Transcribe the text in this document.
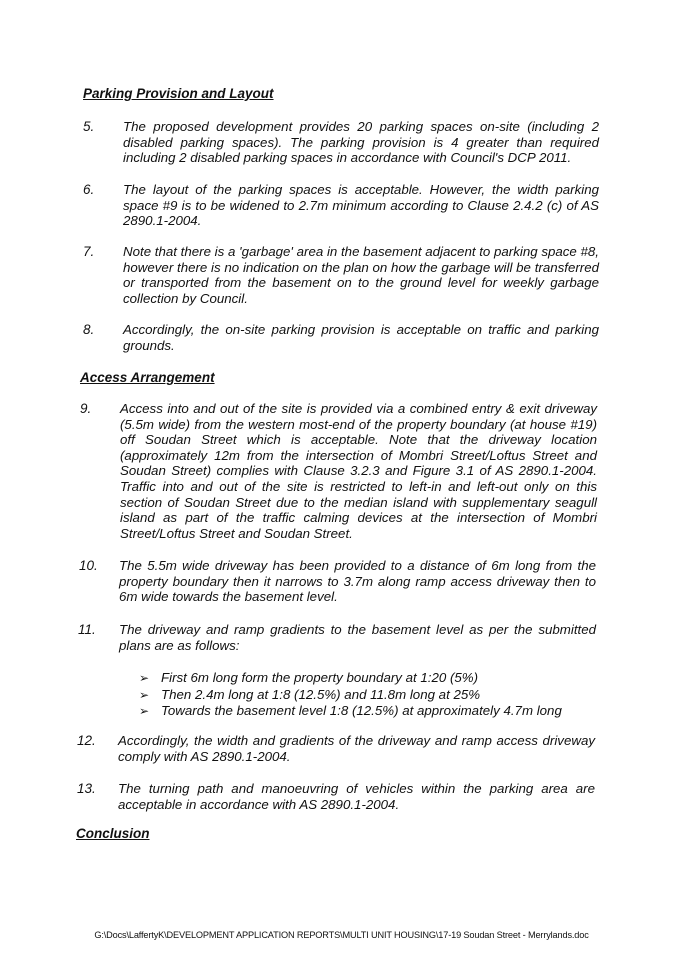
Parking Provision and Layout
5. The proposed development provides 20 parking spaces on-site (including 2 disabled parking spaces). The parking provision is 4 greater than required including 2 disabled parking spaces in accordance with Council's DCP 2011.
6. The layout of the parking spaces is acceptable. However, the width parking space #9 is to be widened to 2.7m minimum according to Clause 2.4.2 (c) of AS 2890.1-2004.
7. Note that there is a 'garbage' area in the basement adjacent to parking space #8, however there is no indication on the plan on how the garbage will be transferred or transported from the basement on to the ground level for weekly garbage collection by Council.
8. Accordingly, the on-site parking provision is acceptable on traffic and parking grounds.
Access Arrangement
9. Access into and out of the site is provided via a combined entry & exit driveway (5.5m wide) from the western most-end of the property boundary (at house #19) off Soudan Street which is acceptable. Note that the driveway location (approximately 12m from the intersection of Mombri Street/Loftus Street and Soudan Street) complies with Clause 3.2.3 and Figure 3.1 of AS 2890.1-2004. Traffic into and out of the site is restricted to left-in and left-out only on this section of Soudan Street due to the median island with supplementary seagull island as part of the traffic calming devices at the intersection of Mombri Street/Loftus Street and Soudan Street.
10. The 5.5m wide driveway has been provided to a distance of 6m long from the property boundary then it narrows to 3.7m along ramp access driveway then to 6m wide towards the basement level.
11. The driveway and ramp gradients to the basement level as per the submitted plans are as follows:
➢ First 6m long form the property boundary at 1:20 (5%)
➢ Then 2.4m long at 1:8 (12.5%) and 11.8m long at 25%
➢ Towards the basement level 1:8 (12.5%) at approximately 4.7m long
12. Accordingly, the width and gradients of the driveway and ramp access driveway comply with AS 2890.1-2004.
13. The turning path and manoeuvring of vehicles within the parking area are acceptable in accordance with AS 2890.1-2004.
Conclusion
G:\Docs\LaffertyK\DEVELOPMENT APPLICATION REPORTS\MULTI UNIT HOUSING\17-19 Soudan Street - Merrylands.doc
